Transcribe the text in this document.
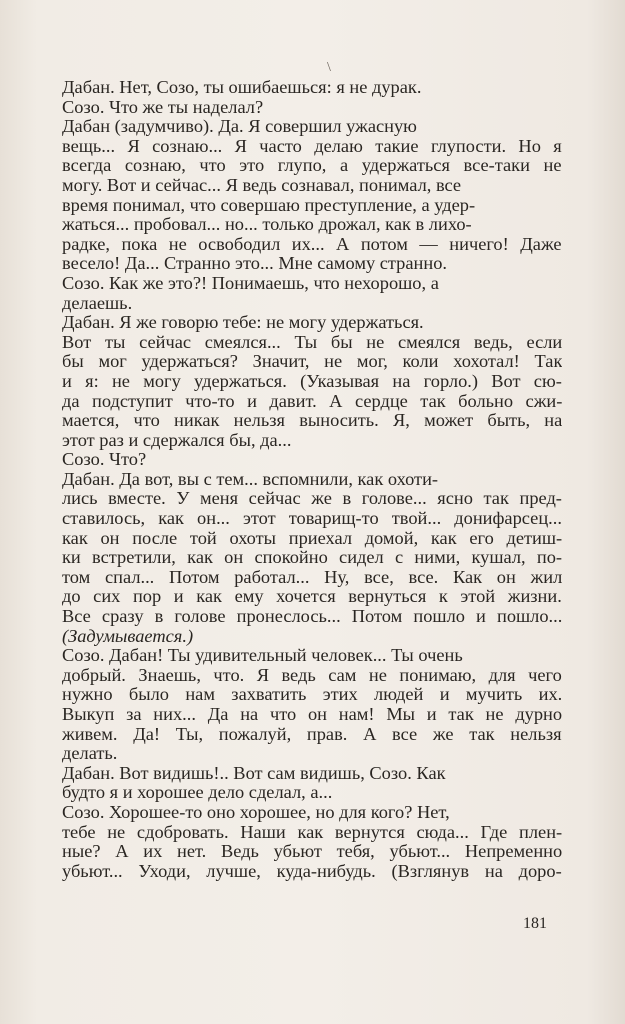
\
Дабан. Нет, Созо, ты ошибаешься: я не дурак.
Созо. Что же ты наделал?
Дабан (задумчиво). Да. Я совершил ужасную
вещь... Я сознаю... Я часто делаю такие глупости. Но я
всегда сознаю, что это глупо, а удержаться все-таки не
могу. Вот и сейчас... Я ведь сознавал, понимал, все
время понимал, что совершаю преступление, а удер-
жаться... пробовал... но... только дрожал, как в лихо-
радке, пока не освободил их... А потом — ничего! Даже
весело! Да... Странно это... Мне самому странно.
Созо. Как же это?! Понимаешь, что нехорошо, а
делаешь.
Дабан. Я же говорю тебе: не могу удержаться.
Вот ты сейчас смеялся... Ты бы не смеялся ведь, если
бы мог удержаться? Значит, не мог, коли хохотал! Так
и я: не могу удержаться. (Указывая на горло.) Вот сю-
да подступит что-то и давит. А сердце так больно сжи-
мается, что никак нельзя выносить. Я, может быть, на
этот раз и сдержался бы, да...
Созо. Что?
Дабан. Да вот, вы с тем... вспомнили, как охоти-
лись вместе. У меня сейчас же в голове... ясно так пред-
ставилось, как он... этот товарищ-то твой... донифарсец...
как он после той охоты приехал домой, как его детиш-
ки встретили, как он спокойно сидел с ними, кушал, по-
том спал... Потом работал... Ну, все, все. Как он жил
до сих пор и как ему хочется вернуться к этой жизни.
Все сразу в голове пронеслось... Потом пошло и пошло...
(Задумывается.)
Созо. Дабан! Ты удивительный человек... Ты очень
добрый. Знаешь, что. Я ведь сам не понимаю, для чего
нужно было нам захватить этих людей и мучить их.
Выкуп за них... Да на что он нам! Мы и так не дурно
живем. Да! Ты, пожалуй, прав. А все же так нельзя
делать.
Дабан. Вот видишь!.. Вот сам видишь, Созо. Как
будто я и хорошее дело сделал, а...
Созо. Хорошее-то оно хорошее, но для кого? Нет,
тебе не сдобровать. Наши как вернутся сюда... Где плен-
ные? А их нет. Ведь убьют тебя, убьют... Непременно
убьют... Уходи, лучше, куда-нибудь. (Взглянув на доро-
181
